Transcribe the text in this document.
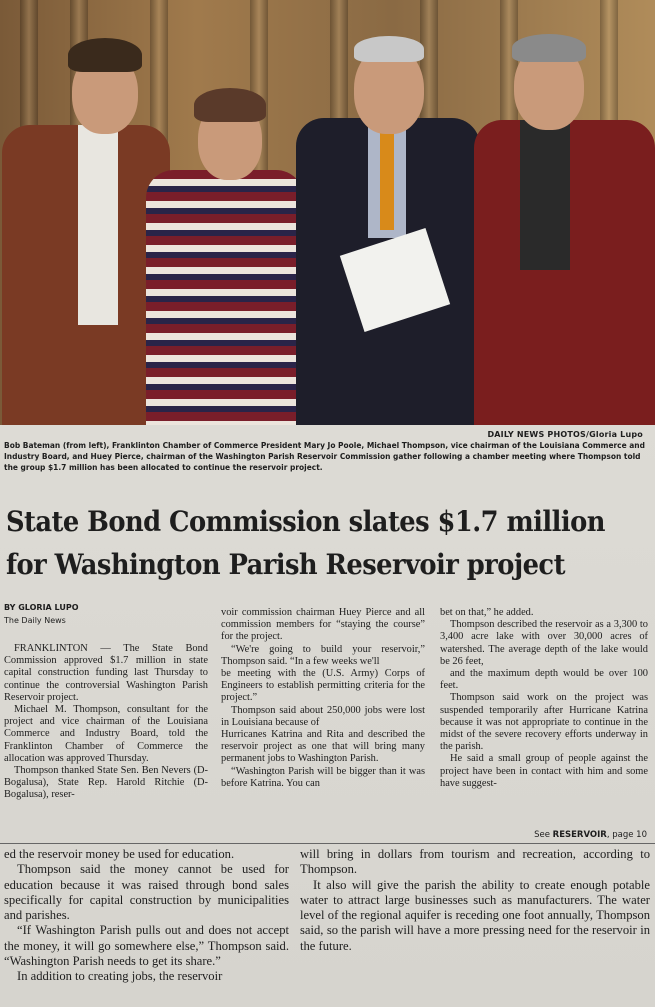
DAILY NEWS PHOTOS/Gloria Lupo
Bob Bateman (from left), Franklinton Chamber of Commerce President Mary Jo Poole, Michael Thompson, vice chairman of the Louisiana Commerce and Industry Board, and Huey Pierce, chairman of the Washington Parish Reservoir Commission gather following a chamber meeting where Thompson told the group $1.7 million has been allocated to continue the reservoir project.
State Bond Commission slates $1.7 million
for Washington Parish Reservoir project
BY GLORIA LUPO
The Daily News

FRANKLINTON — The State Bond Commission approved $1.7 million in state capital construction funding last Thursday to continue the controversial Washington Parish Reservoir project.

Michael M. Thompson, consultant for the project and vice chairman of the Louisiana Commerce and Industry Board, told the Franklinton Chamber of Commerce the allocation was approved Thursday.

Thompson thanked State Sen. Ben Nevers (D-Bogalusa), State Rep. Harold Ritchie (D-Bogalusa), reser-

voir commission chairman Huey Pierce and all commission members for “staying the course” for the project.

“We're going to build your reservoir,” Thompson said. “In a few weeks we'll

be meeting with the (U.S. Army) Corps of Engineers to establish permitting criteria for the project.”

Thompson said about 250,000 jobs were lost in Louisiana because of

Hurricanes Katrina and Rita and described the reservoir project as one that will bring many permanent jobs to Washington Parish.

“Washington Parish will be bigger than it was before Katrina. You can

bet on that,” he added.

Thompson described the reservoir as a 3,300 to 3,400 acre lake with over 30,000 acres of watershed. The average depth of the lake would be 26 feet,

and the maximum depth would be over 100 feet.

Thompson said work on the project was suspended temporarily after Hurricane Katrina because it was not appropriate to continue in the midst of the severe recovery efforts underway in the parish.

He said a small group of people against the project have been in contact with him and some have suggest-

See RESERVOIR, page 10

ed the reservoir money be used for education.

Thompson said the money cannot be used for education because it was raised through bond sales specifically for capital construction by municipalities and parishes.

“If Washington Parish pulls out and does not accept the money, it will go somewhere else,” Thompson said. “Washington Parish needs to get its share.”

In addition to creating jobs, the reservoir

will bring in dollars from tourism and recreation, according to Thompson.

It also will give the parish the ability to create enough potable water to attract large businesses such as manufacturers. The water level of the regional aquifer is receding one foot annually, Thompson said, so the parish will have a more pressing need for the reservoir in the future.
